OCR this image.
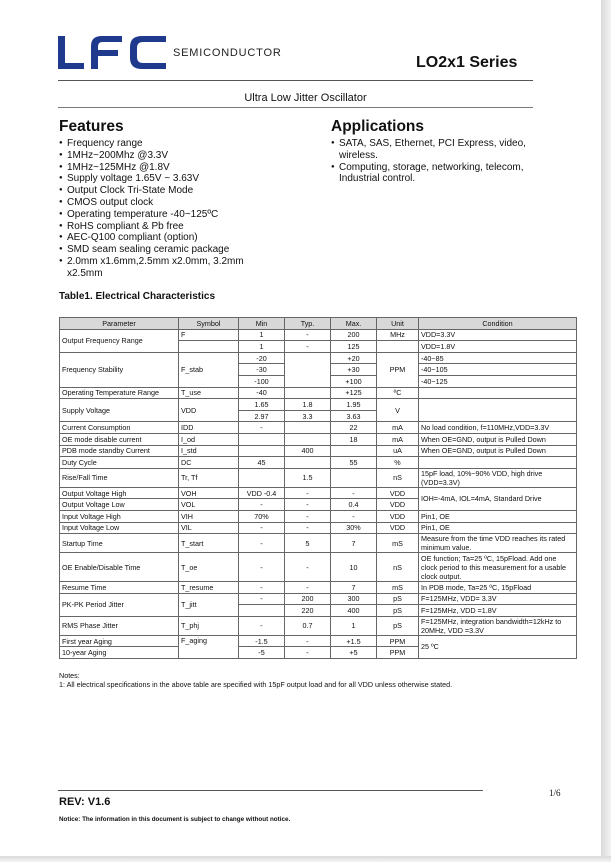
SEMICONDUCTOR
LO2x1 Series
Ultra Low Jitter Oscillator
Features
● Frequency range
● 1MHz~200Mhz @3.3V
● 1MHz~125MHz @1.8V
● Supply voltage 1.65V ~ 3.63V
● Output Clock Tri-State Mode
● CMOS output clock
● Operating temperature -40~125ºC
● RoHS compliant & Pb free
● AEC-Q100 compliant (option)
● SMD seam sealing ceramic package
● 2.0mm x1.6mm,2.5mm x2.0mm, 3.2mm x2.5mm
Applications
● SATA, SAS, Ethernet, PCI Express, video, wireless.
● Computing, storage, networking, telecom, Industrial control.
Table1. Electrical Characteristics
Parameter	Symbol	Min	Typ.	Max.	Unit	Condition
Output Frequency Range	F	1	-	200	MHz	VDD=3.3V
		1	-	125		VDD=1.8V
Frequency Stability	F_stab	-20		+20	PPM	-40~85
		-30		+30		-40~105
		-100		+100		-40~125
Operating Temperature Range	T_use	-40		+125	ºC	
Supply Voltage	VDD	1.65	1.8	1.95	V	
		2.97	3.3	3.63		
Current Consumption	IDD	-		22	mA	No load condition, f=110MHz,VDD=3.3V
OE mode disable current	I_od			18	mA	When OE=GND, output is Pulled Down
PDB mode standby Current	I_std		400		uA	When OE=GND, output is Pulled Down
Duty Cycle	DC	45		55	%	
Rise/Fall Time	Tr, Tf		1.5		nS	15pF load, 10%~90% VDD, high drive (VDD=3.3V)
Output Voltage High	VOH	VDD -0.4	-	-	VDD	IOH=-4mA, IOL=4mA, Standard Drive
Output Voltage Low	VOL	-	-	0.4	VDD	
Input Voltage High	VIH	70%	-	-	VDD	Pin1, OE
Input Voltage Low	VIL	-	-	30%	VDD	Pin1, OE
Startup Time	T_start	-	5	7	mS	Measure from the time VDD reaches its rated minimum value.
OE Enable/Disable Time	T_oe	-	-	10	nS	OE function; Ta=25 ºC, 15pFload. Add one clock period to this measurement for a usable clock output.
Resume Time	T_resume	-	-	7	mS	In PDB mode, Ta=25 ºC, 15pFload
PK-PK Period Jitter	T_jitt	-	200	300	pS	F=125MHz, VDD= 3.3V
			220	400	pS	F=125MHz, VDD =1.8V
RMS Phase Jitter	T_phj	-	0.7	1	pS	F=125MHz, integration bandwidth=12kHz to 20MHz, VDD =3.3V
First year Aging	F_aging	-1.5	-	+1.5	PPM	25 ºC
10-year Aging		-5	-	+5	PPM	
Notes:
1: All electrical specifications in the above table are specified with 15pF output load and for all VDD unless otherwise stated.
1/6
REV: V1.6
Notice: The information in this document is subject to change without notice.
